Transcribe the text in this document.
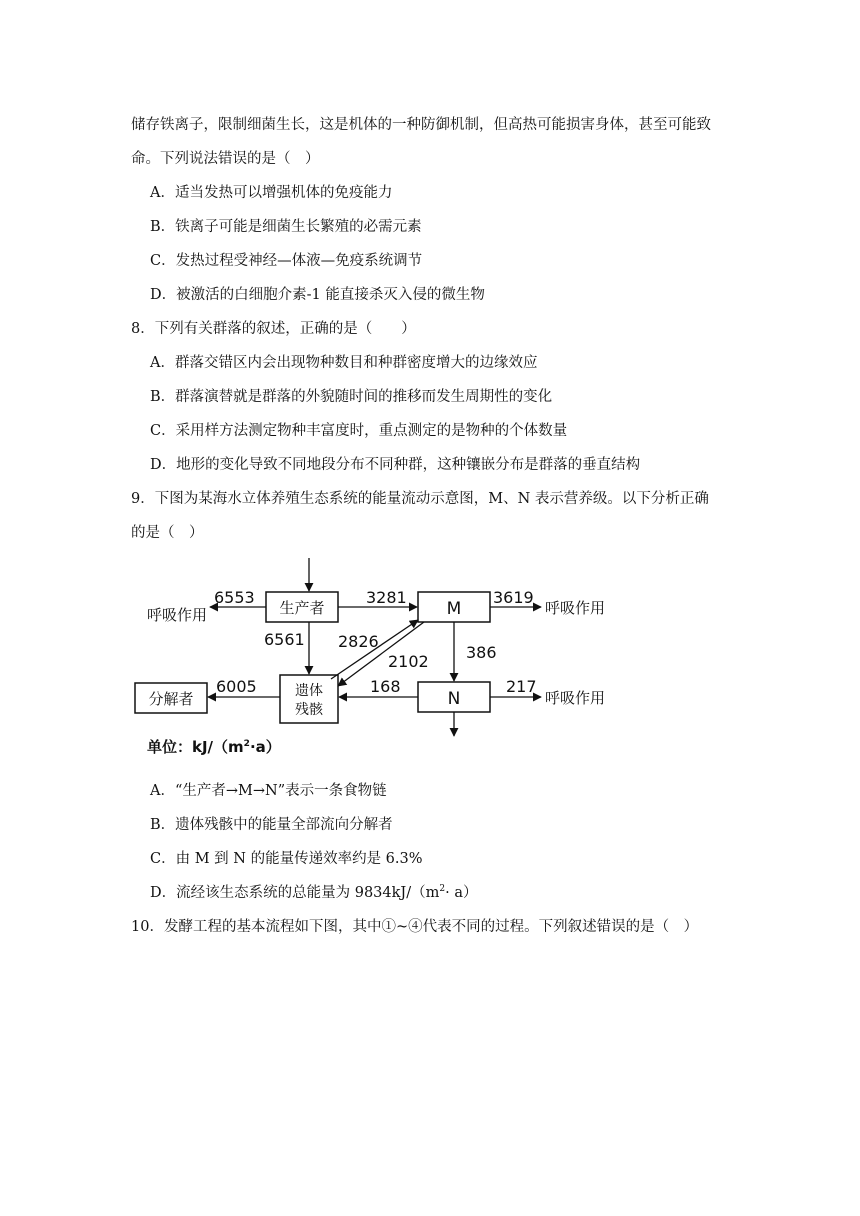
储存铁离子，限制细菌生长，这是机体的一种防御机制，但高热可能损害身体，甚至可能致
命。下列说法错误的是（　）
A．适当发热可以增强机体的免疫能力
B．铁离子可能是细菌生长繁殖的必需元素
C．发热过程受神经—体液—免疫系统调节
D．被激活的白细胞介素-1 能直接杀灭入侵的微生物
8．下列有关群落的叙述，正确的是（　　）
A．群落交错区内会出现物种数目和种群密度增大的边缘效应
B．群落演替就是群落的外貌随时间的推移而发生周期性的变化
C．采用样方法测定物种丰富度时，重点测定的是物种的个体数量
D．地形的变化导致不同地段分布不同种群，这种镶嵌分布是群落的垂直结构
9．下图为某海水立体养殖生态系统的能量流动示意图，M、N 表示营养级。以下分析正确
的是（　）
生产者	M
N
遗体
残骸
分解者
呼吸作用	呼吸作用
呼吸作用
6553	3281	3619
6561 2826
2102 386
6005	168	217
单位：$kJ/(m^2\cdot a)$
A．“生产者→M→N”表示一条食物链
B．遗体残骸中的能量全部流向分解者
C．由 M 到 N 的能量传递效率约是 6.3%
D．流经该生态系统的总能量为 $9834kJ/(m^2\cdot a)$
10．发酵工程的基本流程如下图，其中①~④代表不同的过程。下列叙述错误的是（　）
